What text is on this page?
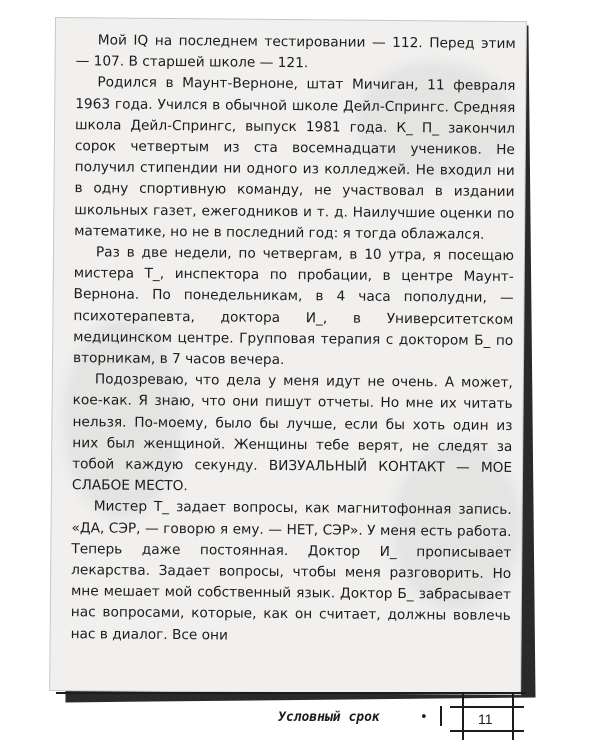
Мой IQ на последнем тестировании — 112. Перед этим — 107. В старшей школе — 121.

Родился в Маунт-Верноне, штат Мичиган, 11 февраля 1963 года. Учился в обычной школе Дейл-Спрингс. Средняя школа Дейл-Спрингс, выпуск 1981 года. К_ П_ закончил сорок четвертым из ста восемнадцати учеников. Не получил стипендии ни одного из колледжей. Не входил ни в одну спортивную команду, не участвовал в издании школьных газет, ежегодников и т. д. Наилучшие оценки по математике, но не в последний год: я тогда облажался.

Раз в две недели, по четвергам, в 10 утра, я посещаю мистера Т_, инспектора по пробации, в центре Маунт-Вернона. По понедельникам, в 4 часа пополудни, — психотерапевта, доктора И_, в Университетском медицинском центре. Групповая терапия с доктором Б_ по вторникам, в 7 часов вечера.

Подозреваю, что дела у меня идут не очень. А может, кое-как. Я знаю, что они пишут отчеты. Но мне их читать нельзя. По-моему, было бы лучше, если бы хоть один из них был женщиной. Женщины тебе верят, не следят за тобой каждую секунду. ВИЗУАЛЬНЫЙ КОНТАКТ — МОЕ СЛАБОЕ МЕСТО.

Мистер Т_ задает вопросы, как магнитофонная запись. «ДА, СЭР, — говорю я ему. — НЕТ, СЭР». У меня есть работа. Теперь даже постоянная. Доктор И_ прописывает лекарства. Задает вопросы, чтобы меня разговорить. Но мне мешает мой собственный язык. Доктор Б_ забрасывает нас вопросами, которые, как он считает, должны вовлечь нас в диалог. Все они

Условный срок	•	11
